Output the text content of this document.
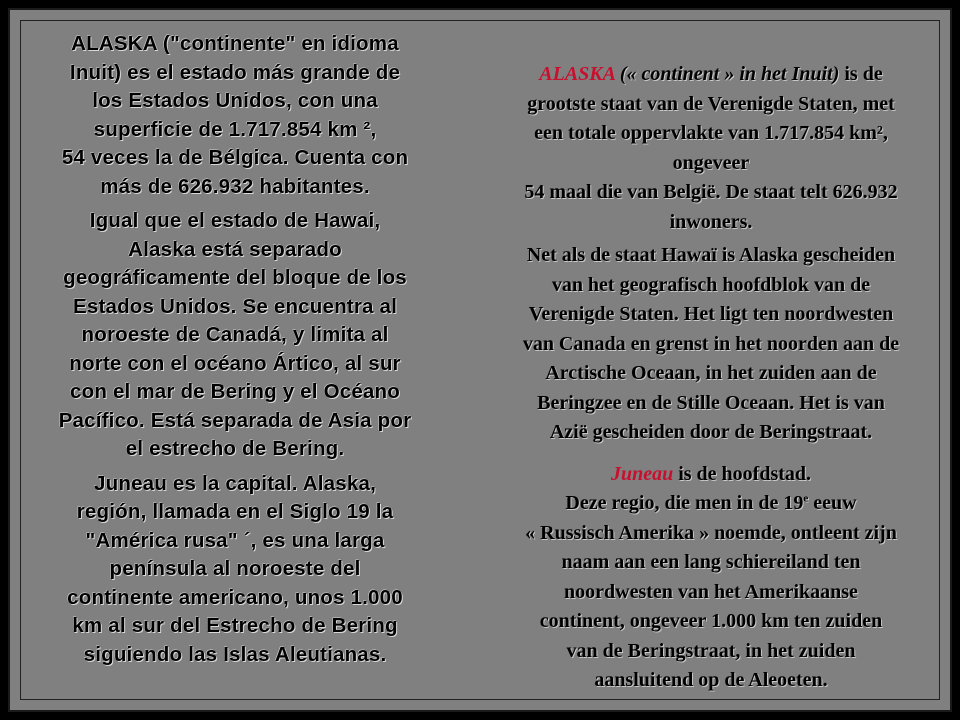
ALASKA ("continente" en idioma
Inuit) es el estado más grande de
los Estados Unidos, con una
superficie de 1.717.854 km ²,
54 veces la de Bélgica. Cuenta con
más de 626.932 habitantes.

Igual que el estado de Hawai,
Alaska está separado
geográficamente del bloque de los
Estados Unidos. Se encuentra al
noroeste de Canadá, y limita al
norte con el océano Ártico, al sur
con el mar de Bering y el Océano
Pacífico. Está separada de Asia por
el estrecho de Bering.

Juneau es la capital. Alaska,
región, llamada en el Siglo 19 la
"América rusa" ´, es una larga
península al noroeste del
continente americano, unos 1.000
km al sur del Estrecho de Bering
siguiendo las Islas Aleutianas.

ALASKA (« continent » in het Inuit) is de
grootste staat van de Verenigde Staten, met
een totale oppervlakte van 1.717.854 km²,
ongeveer
54 maal die van België. De staat telt 626.932
inwoners.

Net als de staat Hawaï is Alaska gescheiden
van het geografisch hoofdblok van de
Verenigde Staten. Het ligt ten noordwesten
van Canada en grenst in het noorden aan de
Arctische Oceaan, in het zuiden aan de
Beringzee en de Stille Oceaan. Het is van
Azië gescheiden door de Beringstraat.

Juneau is de hoofdstad.
Deze regio, die men in de 19e eeuw
« Russisch Amerika » noemde, ontleent zijn
naam aan een lang schiereiland ten
noordwesten van het Amerikaanse
continent, ongeveer 1.000 km ten zuiden
van de Beringstraat, in het zuiden
aansluitend op de Aleoeten.
